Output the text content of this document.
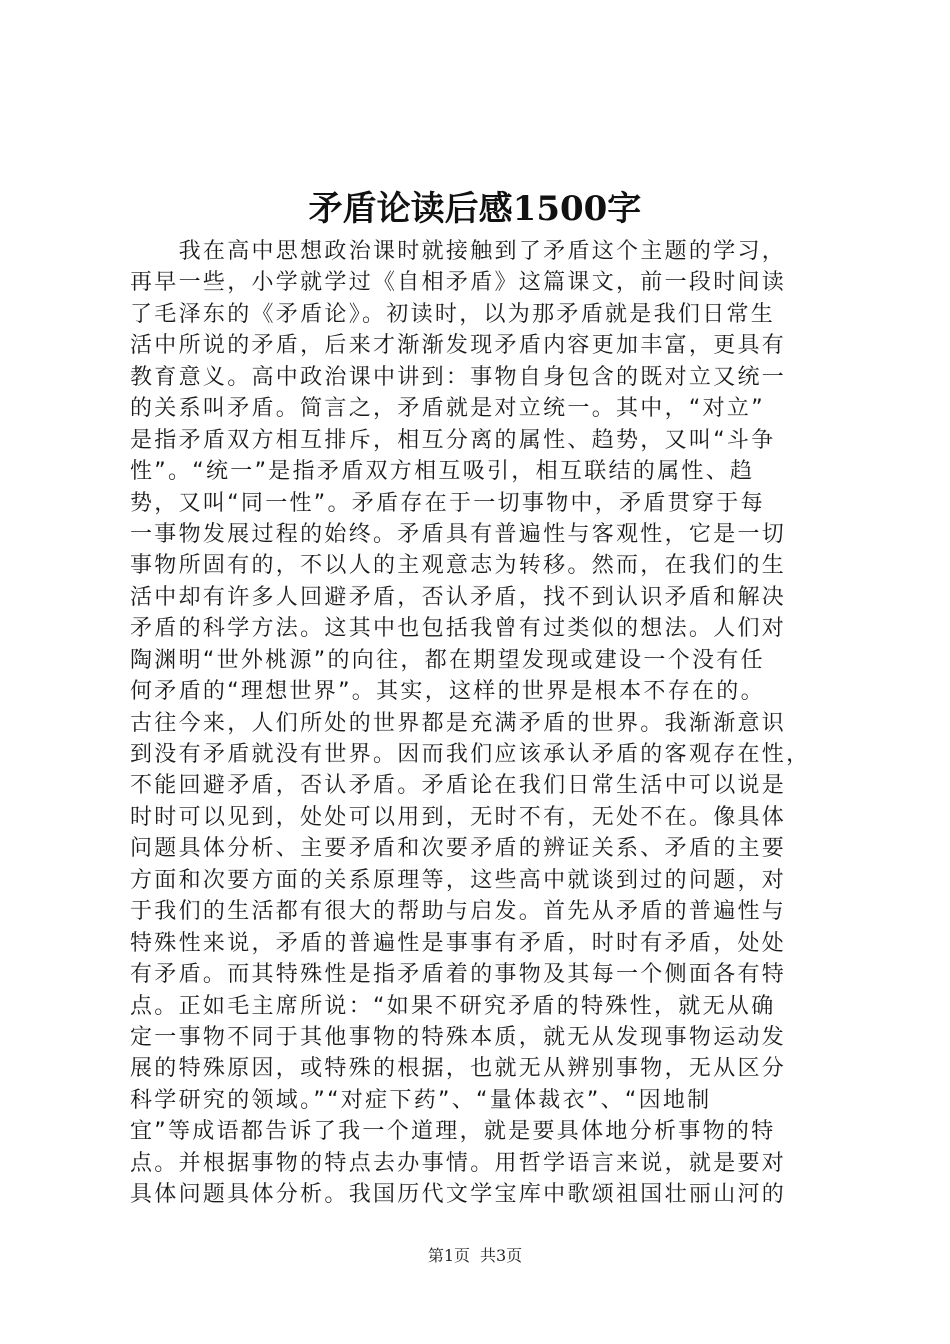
矛盾论读后感1500字
　　我在高中思想政治课时就接触到了矛盾这个主题的学习，
再早一些，小学就学过《自相矛盾》这篇课文，前一段时间读
了毛泽东的《矛盾论》。初读时，以为那矛盾就是我们日常生
活中所说的矛盾，后来才渐渐发现矛盾内容更加丰富，更具有
教育意义。高中政治课中讲到：事物自身包含的既对立又统一
的关系叫矛盾。简言之，矛盾就是对立统一。其中，“对立”
是指矛盾双方相互排斥，相互分离的属性、趋势，又叫“斗争
性”。“统一”是指矛盾双方相互吸引，相互联结的属性、趋
势，又叫“同一性”。矛盾存在于一切事物中，矛盾贯穿于每
一事物发展过程的始终。矛盾具有普遍性与客观性，它是一切
事物所固有的，不以人的主观意志为转移。然而，在我们的生
活中却有许多人回避矛盾，否认矛盾，找不到认识矛盾和解决
矛盾的科学方法。这其中也包括我曾有过类似的想法。人们对
陶渊明“世外桃源”的向往，都在期望发现或建设一个没有任
何矛盾的“理想世界”。其实，这样的世界是根本不存在的。
古往今来，人们所处的世界都是充满矛盾的世界。我渐渐意识
到没有矛盾就没有世界。因而我们应该承认矛盾的客观存在性，
不能回避矛盾，否认矛盾。矛盾论在我们日常生活中可以说是
时时可以见到，处处可以用到，无时不有，无处不在。像具体
问题具体分析、主要矛盾和次要矛盾的辨证关系、矛盾的主要
方面和次要方面的关系原理等，这些高中就谈到过的问题，对
于我们的生活都有很大的帮助与启发。首先从矛盾的普遍性与
特殊性来说，矛盾的普遍性是事事有矛盾，时时有矛盾，处处
有矛盾。而其特殊性是指矛盾着的事物及其每一个侧面各有特
点。正如毛主席所说：“如果不研究矛盾的特殊性，就无从确
定一事物不同于其他事物的特殊本质，就无从发现事物运动发
展的特殊原因，或特殊的根据，也就无从辨别事物，无从区分
科学研究的领域。”“对症下药”、“量体裁衣”、“因地制
宜”等成语都告诉了我一个道理，就是要具体地分析事物的特
点。并根据事物的特点去办事情。用哲学语言来说，就是要对
具体问题具体分析。我国历代文学宝库中歌颂祖国壮丽山河的
第1页 共3页
